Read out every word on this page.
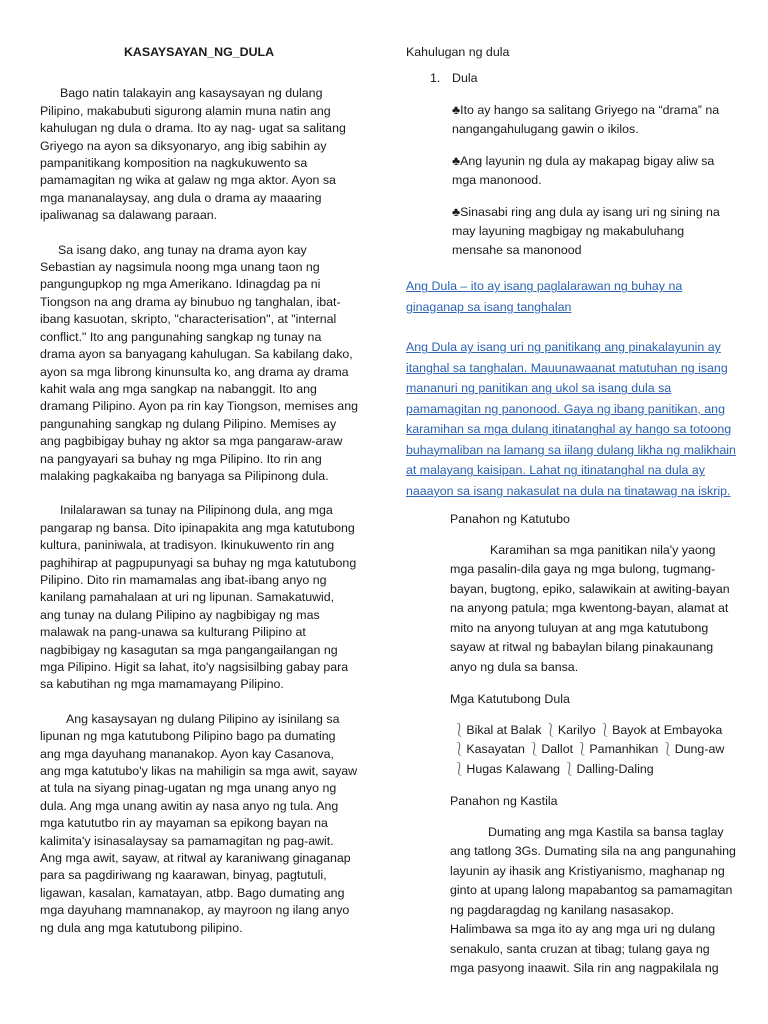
KASAYSAYAN_NG_DULA

Bago natin talakayin ang kasaysayan ng dulang Pilipino, makabubuti sigurong alamin muna natin ang kahulugan ng dula o drama. Ito ay nag- ugat sa salitang Griyego na ayon sa diksyonaryo, ang ibig sabihin ay pampanitikang komposition na nagkukuwento sa pamamagitan ng wika at galaw ng mga aktor. Ayon sa mga mananalaysay, ang dula o drama ay maaaring ipaliwanag sa dalawang paraan.

Sa isang dako, ang tunay na drama ayon kay Sebastian ay nagsimula noong mga unang taon ng pangungupkop ng mga Amerikano. Idinagdag pa ni Tiongson na ang drama ay binubuo ng tanghalan, ibat-ibang kasuotan, skripto, "characterisation", at "internal conflict." Ito ang pangunahing sangkap ng tunay na drama ayon sa banyagang kahulugan. Sa kabilang dako, ayon sa mga librong kinunsulta ko, ang drama ay drama kahit wala ang mga sangkap na nabanggit. Ito ang dramang Pilipino. Ayon pa rin kay Tiongson, memises ang pangunahing sangkap ng dulang Pilipino. Memises ay ang pagbibigay buhay ng aktor sa mga pangaraw-araw na pangyayari sa buhay ng mga Pilipino. Ito rin ang malaking pagkakaiba ng banyaga sa Pilipinong dula.

Inilalarawan sa tunay na Pilipinong dula, ang mga pangarap ng bansa. Dito ipinapakita ang mga katutubong kultura, paniniwala, at tradisyon. Ikinukuwento rin ang paghihirap at pagpupunyagi sa buhay ng mga katutubong Pilipino. Dito rin mamamalas ang ibat-ibang anyo ng kanilang pamahalaan at uri ng lipunan. Samakatuwid, ang tunay na dulang Pilipino ay nagbibigay ng mas malawak na pang-unawa sa kulturang Pilipino at nagbibigay ng kasagutan sa mga pangangailangan ng mga Pilipino. Higit sa lahat, ito'y nagsisilbing gabay para sa kabutihan ng mga mamamayang Pilipino.

Ang kasaysayan ng dulang Pilipino ay isinilang sa lipunan ng mga katutubong Pilipino bago pa dumating ang mga dayuhang mananakop. Ayon kay Casanova, ang mga katutubo'y likas na mahiligin sa mga awit, sayaw at tula na siyang pinag-ugatan ng mga unang anyo ng dula. Ang mga unang awitin ay nasa anyo ng tula. Ang mga katututbo rin ay mayaman sa epikong bayan na kalimita'y isinasalaysay sa pamamagitan ng pag-awit. Ang mga awit, sayaw, at ritwal ay karaniwang ginaganap para sa pagdiriwang ng kaarawan, binyag, pagtutuli, ligawan, kasalan, kamatayan, atbp. Bago dumating ang mga dayuhang mamnanakop, ay mayroon ng ilang anyo ng dula ang mga katutubong pilipino.

Kahulugan ng dula

1. Dula

♣Ito ay hango sa salitang Griyego na “drama” na nangangahulugang gawin o ikilos.

♣Ang layunin ng dula ay makapag bigay aliw sa mga manonood.

♣Sinasabi ring ang dula ay isang uri ng sining na may layuning magbigay ng makabuluhang mensahe sa manonood

Ang Dula – ito ay isang paglalarawan ng buhay na ginaganap sa isang tanghalan

Ang Dula ay isang uri ng panitikang ang pinakalayunin ay itanghal sa tanghalan. Mauunawaanat matutuhan ng isang mananuri ng panitikan ang ukol sa isang dula sa pamamagitan ng panonood. Gaya ng ibang panitikan, ang karamihan sa mga dulang itinatanghal ay hango sa totoong buhaymaliban na lamang sa iilang dulang likha ng malikhain at malayang kaisipan. Lahat ng itinatanghal na dula ay naaayon sa isang nakasulat na dula na tinatawag na iskrip.

Panahon ng Katutubo

Karamihan sa mga panitikan nila'y yaong mga pasalin-dila gaya ng mga bulong, tugmang-bayan, bugtong, epiko, salawikain at awiting-bayan na anyong patula; mga kwentong-bayan, alamat at mito na anyong tuluyan at ang mga katutubong sayaw at ritwal ng babaylan bilang pinakaunang anyo ng dula sa bansa.

Mga Katutubong Dula

⎱ Bikal at Balak ⎱ Karilyo ⎱ Bayok at Embayoka
⎱ Kasayatan ⎱ Dallot ⎱ Pamanhikan ⎱ Dung-aw
⎱ Hugas Kalawang ⎱ Dalling-Daling

Panahon ng Kastila

Dumating ang mga Kastila sa bansa taglay ang tatlong 3Gs. Dumating sila na ang pangunahing layunin ay ihasik ang Kristiyanismo, maghanap ng ginto at upang lalong mapabantog sa pamamagitan ng pagdaragdag ng kanilang nasasakop. Halimbawa sa mga ito ay ang mga uri ng dulang senakulo, santa cruzan at tibag; tulang gaya ng mga pasyong inaawit. Sila rin ang nagpakilala ng
